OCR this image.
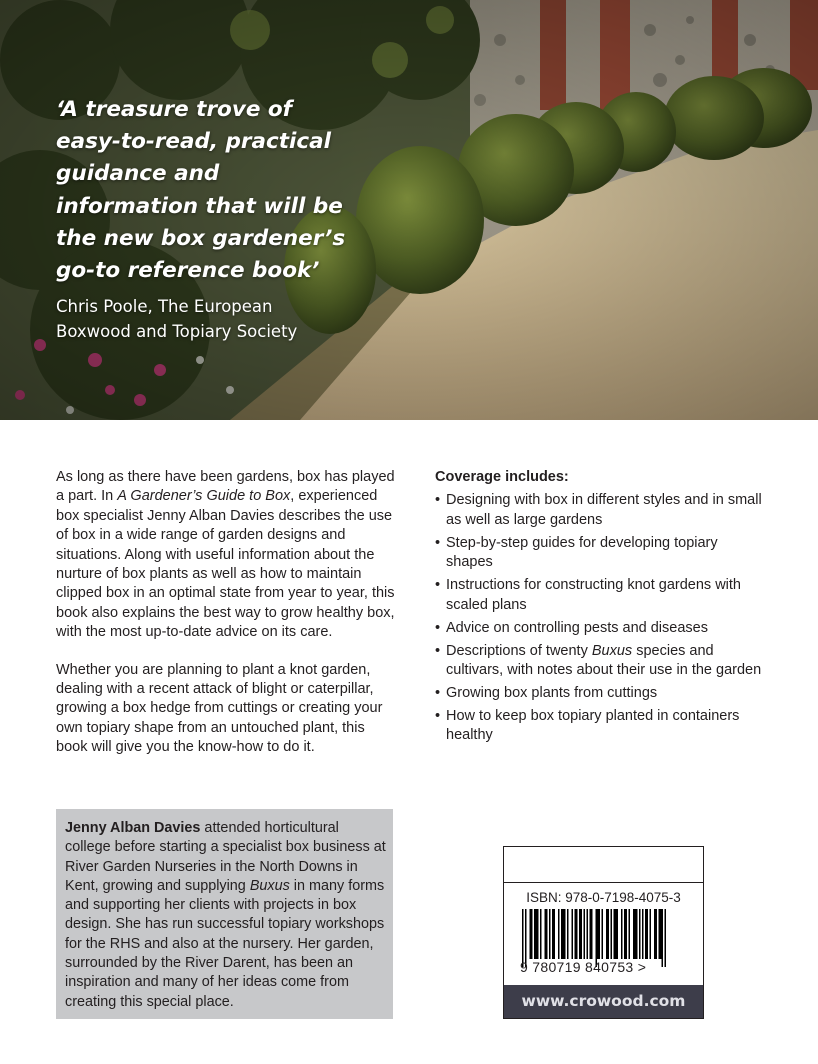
‘A treasure trove of
easy-to-read, practical
guidance and
information that will be
the new box gardener’s
go-to reference book’
Chris Poole, The European
Boxwood and Topiary Society

As long as there have been gardens, box has played a part. In A Gardener’s Guide to Box, experienced box specialist Jenny Alban Davies describes the use of box in a wide range of garden designs and situations. Along with useful information about the nurture of box plants as well as how to maintain clipped box in an optimal state from year to year, this book also explains the best way to grow healthy box, with the most up-to-date advice on its care.

Whether you are planning to plant a knot garden, dealing with a recent attack of blight or caterpillar, growing a box hedge from cuttings or creating your own topiary shape from an untouched plant, this book will give you the know-how to do it.

Coverage includes:
• Designing with box in different styles and in small as well as large gardens
• Step-by-step guides for developing topiary shapes
• Instructions for constructing knot gardens with scaled plans
• Advice on controlling pests and diseases
• Descriptions of twenty Buxus species and cultivars, with notes about their use in the garden
• Growing box plants from cuttings
• How to keep box topiary planted in containers healthy
Jenny Alban Davies attended horticultural college before starting a specialist box business at River Garden Nurseries in the North Downs in Kent, growing and supplying Buxus in many forms and supporting her clients with projects in box design. She has run successful topiary workshops for the RHS and also at the nursery. Her garden, surrounded by the River Darent, has been an inspiration and many of her ideas come from creating this special place.
ISBN: 978-0-7198-4075-3
9 780719 840753 >
www.crowood.com
